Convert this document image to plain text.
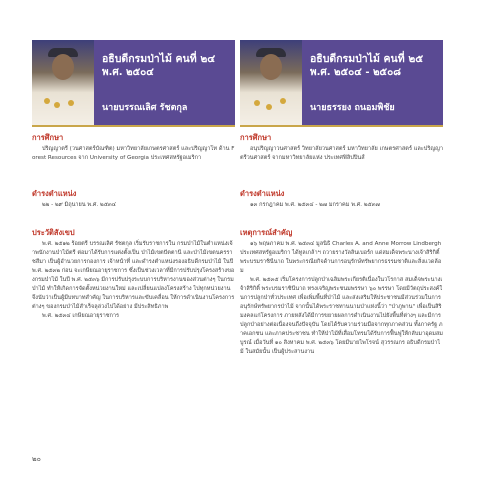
อธิบดีกรมป่าไม้ คนที่ ๒๔
พ.ศ. ๒๕๐๔
นายบรรณเลิศ รัชตกุล
การศึกษา

ปริญญาตรี (วนศาสตร์บัณฑิต) มหาวิทยาลัยเกษตรศาสตร์ และปริญญาโท ด้าน Forest Resources จาก University of Georgia ประเทศสหรัฐอเมริกา

ดำรงตำแหน่ง

๒๒ - ๒๙ มิถุนายน พ.ศ. ๒๕๓๔

ประวัติสังเขป

พ.ศ. ๒๕๑๒ ร้อยตรี บรรณเลิศ รัชตกุล เริ่มรับราชการใน กรมป่าไม้ในตำแหน่งเจ้าพนักงานป่าไม้ตรี ต่อมาได้รับการแต่งตั้งเป็น ป่าไม้เขตปัตตานี และป่าไม้เขตนครราชสีมา เป็นผู้อำนวยการกองการ เจ้าหน้าที่ และดำรงตำแหน่งรองอธิบดีกรมป่าไม้ ในปี พ.ศ. ๒๕๓๒ ก่อน จะเกษียณอายุราชการ ซึ่งเป็นช่วงเวลาที่มีการปรับปรุงโครงสร้างของกรมป่าไม้ ในปี พ.ศ. ๒๕๓๖ มีการปรับปรุงระบบการบริหารงานของส่วนต่างๆ ในกรมป่าไม้ ทำให้เกิดการจัดตั้งหน่วยงานใหม่ และเปลี่ยนแปลงโครงสร้าง ไปทุกหน่วยงาน จึงนับว่าเป็นผู้มีบทบาทสำคัญ ในการบริหารและขับเคลื่อน ให้การดำเนินงานโครงการต่างๆ ของกรมป่าไม้สำเร็จลุล่วงไปได้อย่าง มีประสิทธิภาพ

พ.ศ. ๒๕๓๔ เกษียณอายุราชการ

อธิบดีกรมป่าไม้ คนที่ ๒๕
พ.ศ. ๒๕๐๔ - ๒๕๐๘
นายธรรยง ถนอมพิชัย
การศึกษา

อนุปริญญาวนศาสตร์ วิทยาลัยวนศาสตร์ มหาวิทยาลัย เกษตรศาสตร์ และปริญญาตรีวนศาสตร์ จากมหาวิทยาลัยแห่ง ประเทศฟิลิปปินส์

ดำรงตำแหน่ง

๑๓ กรกฎาคม พ.ศ. ๒๕๓๔ - ๒๗ มกราคม พ.ศ. ๒๕๓๗

เหตุการณ์สำคัญ

๑๖ พฤษภาคม พ.ศ. ๒๕๓๔ มูลนิธิ Charles A. and Anne Morrow Lindbergh ประเทศสหรัฐอเมริกา ได้ทูลเกล้าฯ ถวายรางวัลลินเบอร์ก แด่สมเด็จพระนางเจ้าสิริกิติ์ พระบรมราชินีนาถ ในพระกรณียกิจด้านการอนุรักษ์ทรัพยากรธรรมชาติและสิ่งแวดล้อม

พ.ศ. ๒๕๓๕ เริ่มโครงการปลูกป่าเฉลิมพระเกียรติเนื่องในวโรกาส สมเด็จพระนางเจ้าสิริกิติ์ พระบรมราชินีนาถ ทรงเจริญพระชนมพรรษา ๖๐ พรรษา โดยมีวัตถุประสงค์ในการปลูกป่าทั่วประเทศ เพื่อเพิ่มพื้นที่ป่าไม้ และส่งเสริมให้ประชาชนมีส่วนร่วมในการอนุรักษ์ทรัพยากรป่าไม้ จากนั้นได้พระราชทานนามป่าแห่งนี้ว่า "ป่าภูพาน" เพื่อเป็นสิริมงคลแก่โครงการ ภายหลังได้มีการขยายผลการดำเนินงานไปยังพื้นที่ต่างๆ และมีการปลูกป่าอย่างต่อเนื่องจนถึงปัจจุบัน โดยได้รับความร่วมมือจากทุกภาคส่วน ทั้งภาครัฐ ภาคเอกชน และภาคประชาชน ทำให้ป่าไม้ที่เสื่อมโทรมได้รับการฟื้นฟูให้กลับมาอุดมสมบูรณ์ เมื่อวันที่ ๑๐ สิงหาคม พ.ศ. ๒๕๓๖ โดยมีนายไพโรจน์ สุวรรณกร อธิบดีกรมป่าไม้ ในสมัยนั้น เป็นผู้ประสานงาน

๒๐
